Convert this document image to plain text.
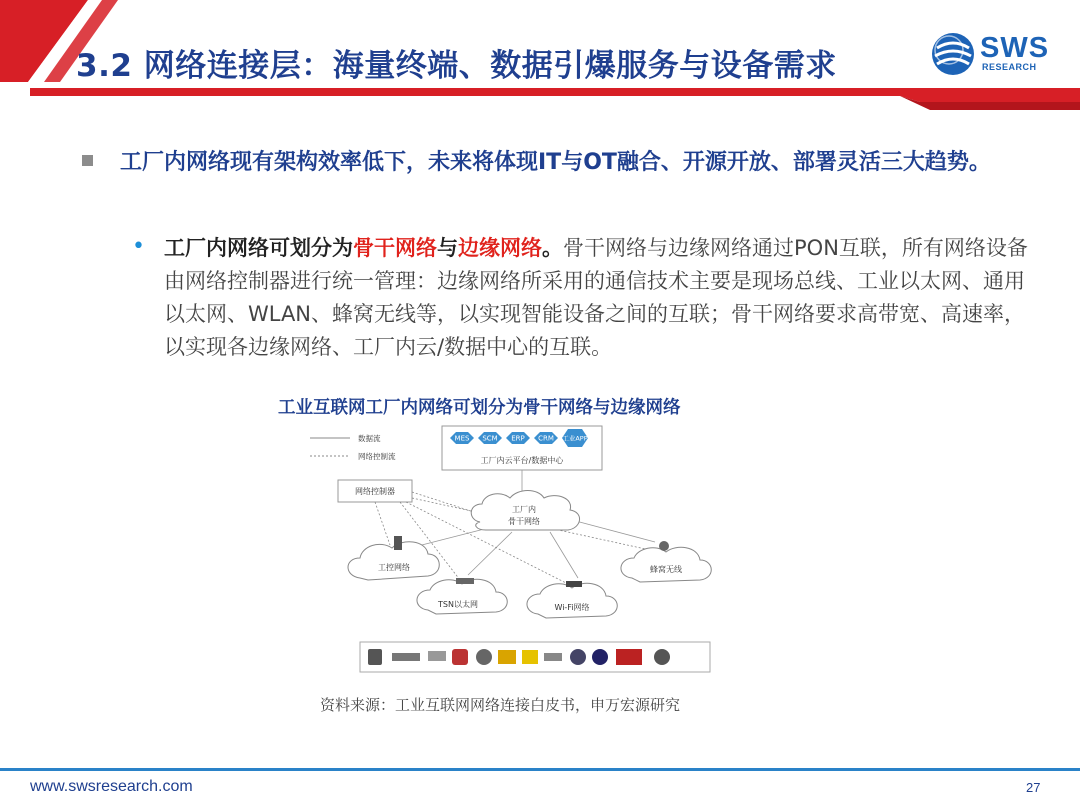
3.2 网络连接层：海量终端、数据引爆服务与设备需求	SWS
RESEARCH
工厂内网络现有架构效率低下，未来将体现IT与OT融合、开源开放、部署灵活三大趋势。
• 工厂内网络可划分为骨干网络与边缘网络。骨干网络与边缘网络通过PON互联，所有网络设备由网络控制器进行统一管理：边缘网络所采用的通信技术主要是现场总线、工业以太网、通用以太网、WLAN、蜂窝无线等，以实现智能设备之间的互联；骨干网络要求高带宽、高速率，以实现各边缘网络、工厂内云/数据中心的互联。
工业互联网工厂内网络可划分为骨干网络与边缘网络
数据流
网络控制流
MES SCM ERP CRM 工业APP
工厂内云平台/数据中心
网络控制器
工厂内
骨干网络
工控网络
TSN以太网	Wi-Fi网络
蜂窝无线
资料来源：工业互联网网络连接白皮书，申万宏源研究
www.swsresearch.com	27
